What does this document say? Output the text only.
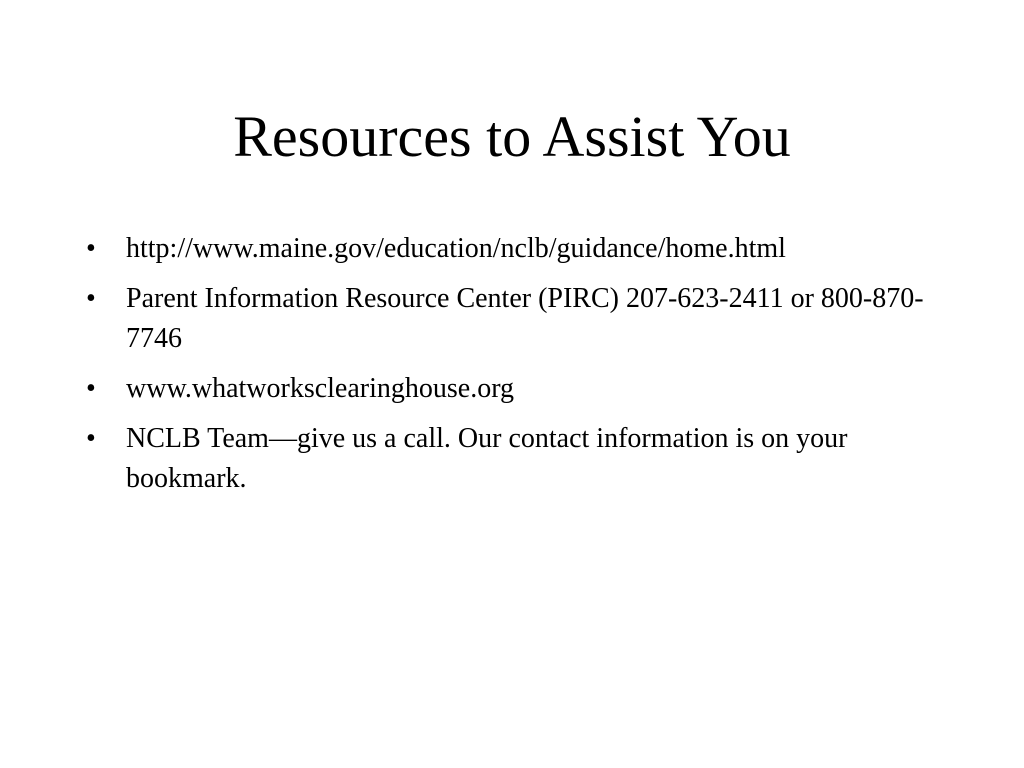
Resources to Assist You
• http://www.maine.gov/education/nclb/guidance/home.html
• Parent Information Resource Center (PIRC) 207-623-2411 or 800-870-7746
• www.whatworksclearinghouse.org
• NCLB Team—give us a call. Our contact information is on your bookmark.
